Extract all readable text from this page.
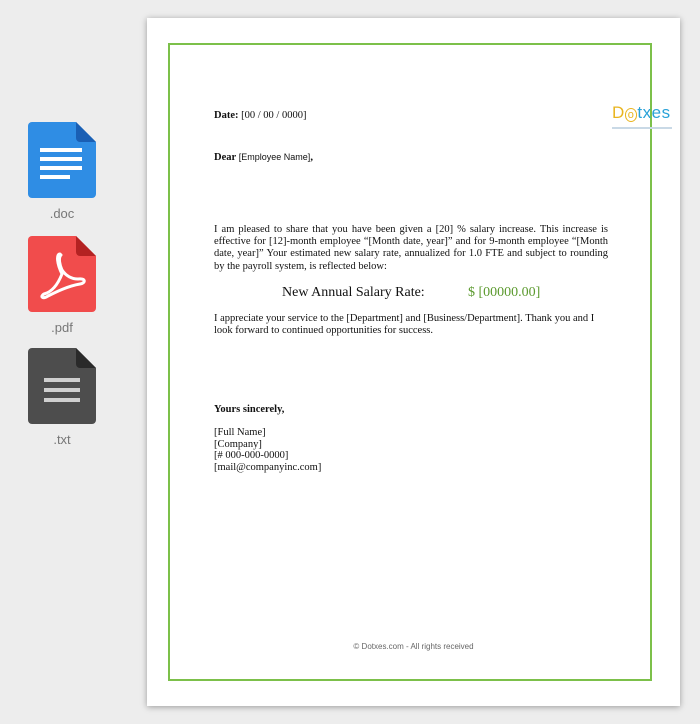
.doc
.pdf
.txt
Date: [00 / 00 / 0000]	Do txes
Dear [Employee Name],
I am pleased to share that you have been given a [20] % salary increase. This increase is effective for [12]-month employee “[Month date, year]” and for 9-month employee “[Month date, year]” Your estimated new salary rate, annualized for 1.0 FTE and subject to rounding by the payroll system, is reflected below:
New Annual Salary Rate:	$ [00000.00]
I appreciate your service to the [Department] and [Business/Department]. Thank you and I look forward to continued opportunities for success.
Yours sincerely,
[Full Name]
[Company]
[# 000-000-0000]
[mail@companyinc.com]
© Dotxes.com - All rights received
